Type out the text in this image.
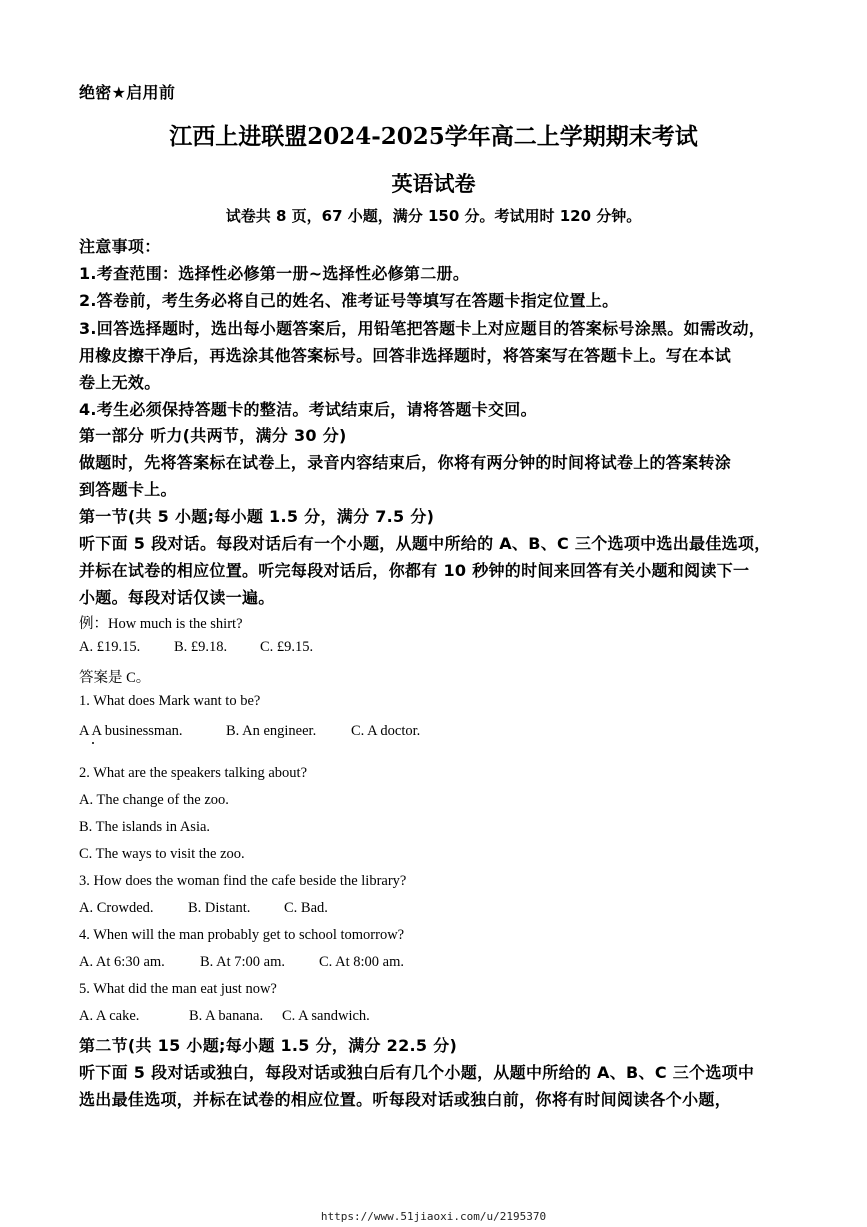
绝密★启用前
江西上进联盟2024-2025学年高二上学期期末考试
英语试卷
试卷共 8 页，67 小题，满分 150 分。考试用时 120 分钟。
注意事项：
1.考查范围：选择性必修第一册~选择性必修第二册。
2.答卷前，考生务必将自己的姓名、准考证号等填写在答题卡指定位置上。
3.回答选择题时，选出每小题答案后，用铅笔把答题卡上对应题目的答案标号涂黑。如需改动，
用橡皮擦干净后，再选涂其他答案标号。回答非选择题时，将答案写在答题卡上。写在本试
卷上无效。
4.考生必须保持答题卡的整洁。考试结束后，请将答题卡交回。
第一部分 听力(共两节，满分 30 分)
做题时，先将答案标在试卷上，录音内容结束后，你将有两分钟的时间将试卷上的答案转涂
到答题卡上。
第一节(共 5 小题;每小题 1.5 分，满分 7.5 分)
听下面 5 段对话。每段对话后有一个小题，从题中所给的 A、B、C 三个选项中选出最佳选项，
并标在试卷的相应位置。听完每段对话后，你都有 10 秒钟的时间来回答有关小题和阅读下一
小题。每段对话仅读一遍。
例：How much is the shirt?
A. £19.15. B. £9.18. C. £9.15.
答案是 C。
1. What does Mark want to be?
A A businessman.	B. An engineer. C. A doctor.
2. What are the speakers talking about?
A. The change of the zoo.
B. The islands in Asia.
C. The ways to visit the zoo.
3. How does the woman find the cafe beside the library?
A. Crowded. B. Distant. C. Bad.
4. When will the man probably get to school tomorrow?
A. At 6:30 am. B. At 7:00 am. C. At 8:00 am.
5. What did the man eat just now?
A. A cake.	B. A banana. C. A sandwich.
第二节(共 15 小题;每小题 1.5 分，满分 22.5 分)
听下面 5 段对话或独白，每段对话或独白后有几个小题，从题中所给的 A、B、C 三个选项中
选出最佳选项，并标在试卷的相应位置。听每段对话或独白前，你将有时间阅读各个小题，
https://www.51jiaoxi.com/u/2195370
